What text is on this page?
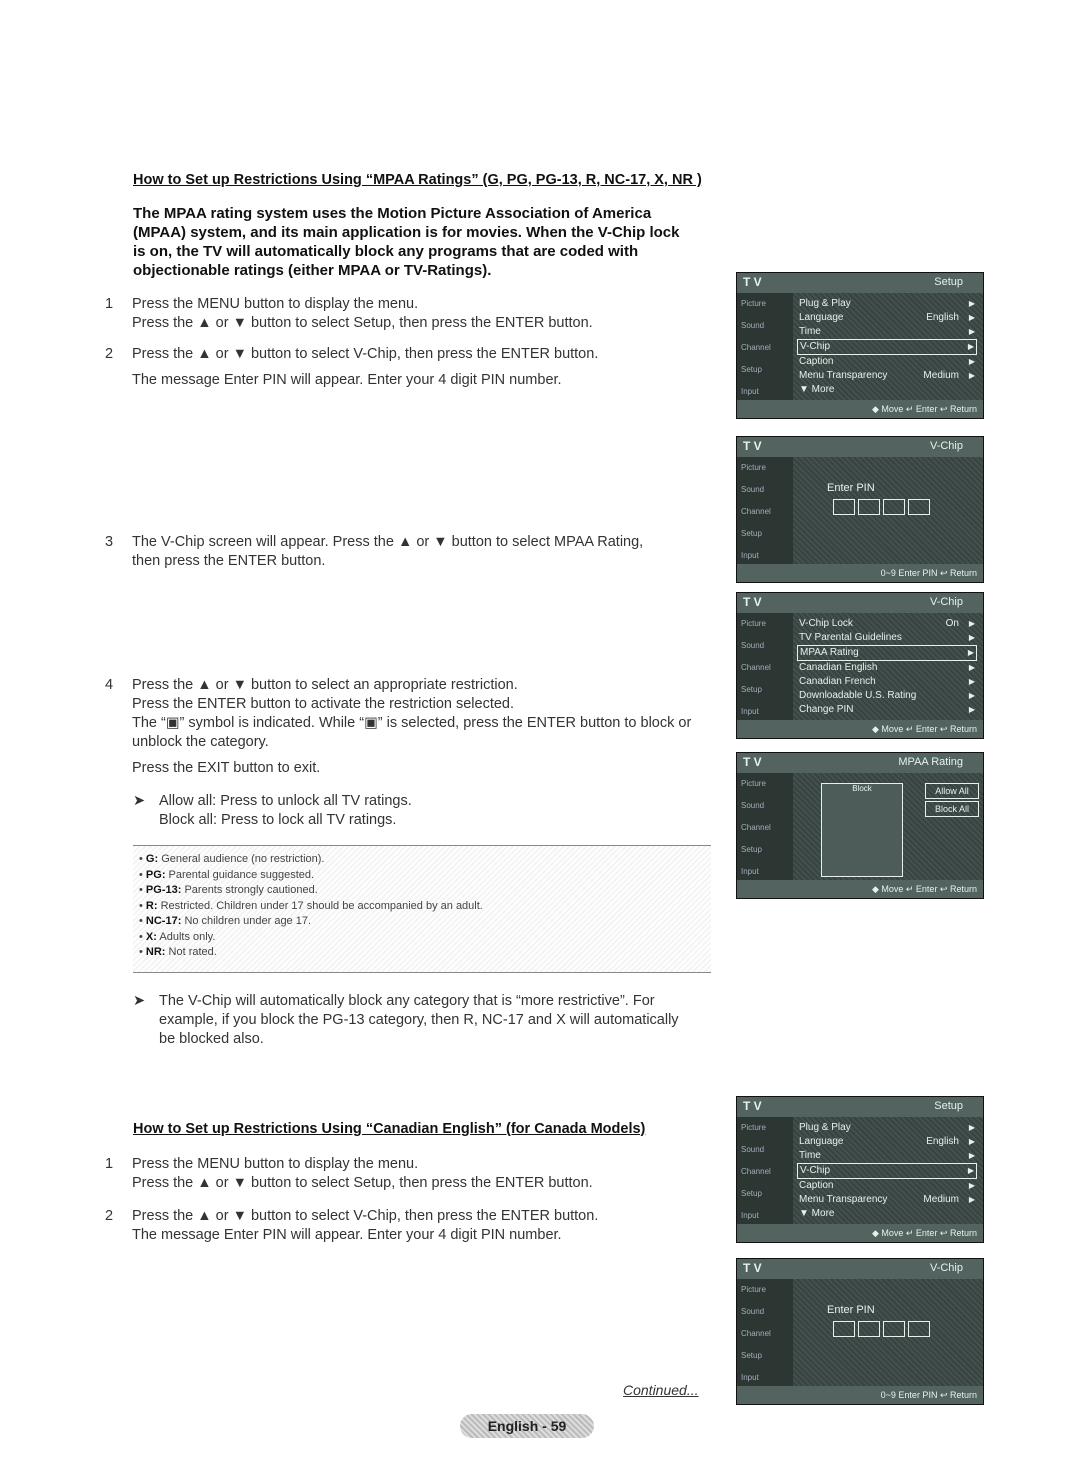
How to Set up Restrictions Using “MPAA Ratings” (G, PG, PG-13, R, NC-17, X, NR )
The MPAA rating system uses the Motion Picture Association of America (MPAA) system, and its main application is for movies. When the V-Chip lock is on, the TV will automatically block any programs that are coded with objectionable ratings (either MPAA or TV-Ratings).
1 Press the MENU button to display the menu.
Press the ▲ or ▼ button to select Setup, then press the ENTER button.
2 Press the ▲ or ▼ button to select V-Chip, then press the ENTER button.
The message Enter PIN will appear. Enter your 4 digit PIN number.
3 The V-Chip screen will appear. Press the ▲ or ▼ button to select MPAA Rating, then press the ENTER button.
4 Press the ▲ or ▼ button to select an appropriate restriction.
Press the ENTER button to activate the restriction selected.
The “▣” symbol is indicated. While “▣” is selected, press the ENTER button to block or unblock the category.
Press the EXIT button to exit.
➤ Allow all: Press to unlock all TV ratings.
Block all: Press to lock all TV ratings.
• G: General audience (no restriction).
• PG: Parental guidance suggested.
• PG-13: Parents strongly cautioned.
• R: Restricted. Children under 17 should be accompanied by an adult.
• NC-17: No children under age 17.
• X: Adults only.
• NR: Not rated.
➤ The V-Chip will automatically block any category that is “more restrictive”. For example, if you block the PG-13 category, then R, NC-17 and X will automatically be blocked also.
How to Set up Restrictions Using “Canadian English” (for Canada Models)
1 Press the MENU button to display the menu.
Press the ▲ or ▼ button to select Setup, then press the ENTER button.
2 Press the ▲ or ▼ button to select V-Chip, then press the ENTER button.
The message Enter PIN will appear. Enter your 4 digit PIN number.
Continued...
English - 59
T V	Setup
Picture
Sound
Channel
Setup
Input
Plug & Play	▶
Language	English ▶
Time	▶
V-Chip	▶
Caption	▶
Menu Transparency	Medium ▶
▼ More
◆ Move ↵ Enter ↩ Return
T V	V-Chip
Picture
Sound
Channel
Setup
Input
Enter PIN
0~9 Enter PIN ↩ Return
T V	V-Chip
Picture
Sound
Channel
Setup
Input
V-Chip Lock	On ▶
TV Parental Guidelines	▶
MPAA Rating	▶
Canadian English	▶
Canadian French	▶
Downloadable U.S. Rating	▶
Change PIN	▶
◆ Move ↵ Enter ↩ Return
T V	MPAA Rating
Picture
Sound
Channel
Setup
Input
Block	Allow All
Block All
◆ Move ↵ Enter ↩ Return
T V	Setup
Picture
Sound
Channel
Setup
Input
Plug & Play	▶
Language	English ▶
Time	▶
V-Chip	▶
Caption	▶
Menu Transparency	Medium ▶
▼ More
◆ Move ↵ Enter ↩ Return
T V	V-Chip
Picture
Sound
Channel
Setup
Input
Enter PIN
0~9 Enter PIN ↩ Return
